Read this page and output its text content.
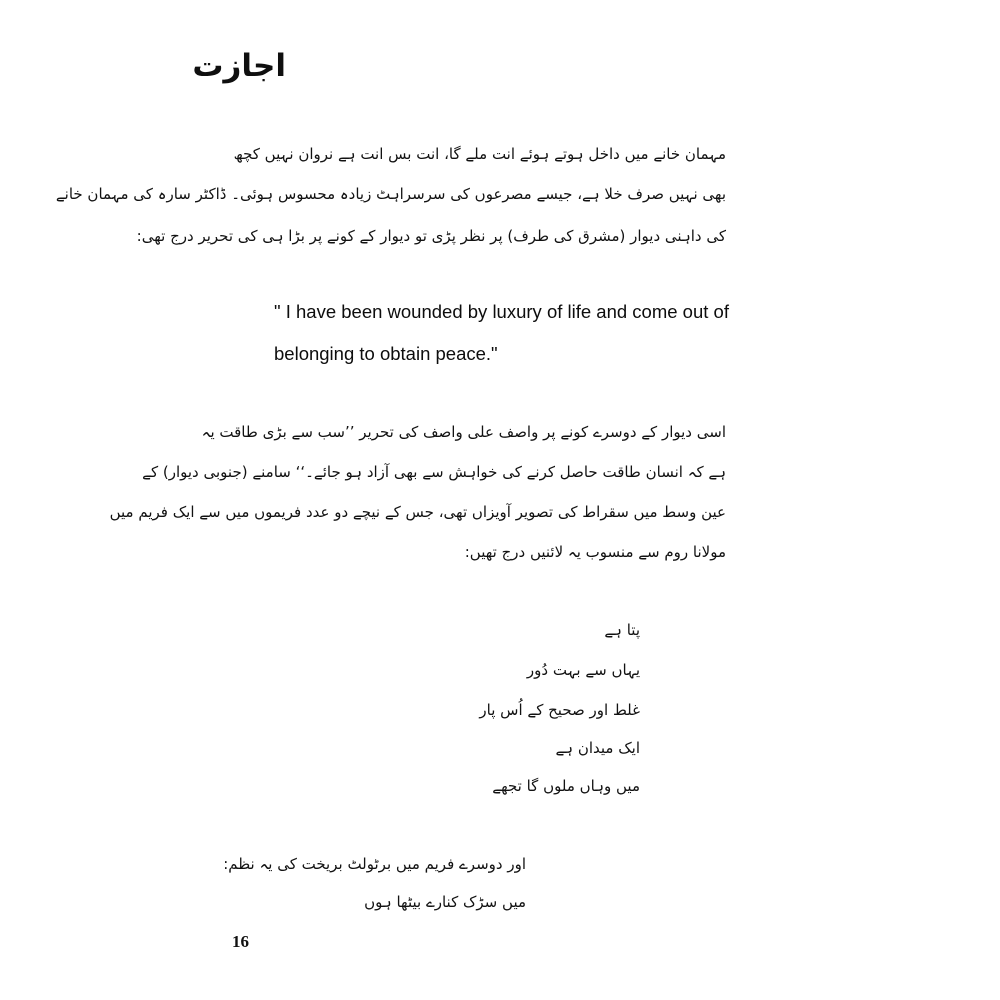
اجازت
مہمان خانے میں داخل ہوتے ہوئے انت ملے گا، انت بس انت ہے نروان نہیں کچھ
بھی نہیں صرف خلا ہے، جیسے مصرعوں کی سرسراہٹ زیادہ محسوس ہوئی۔ ڈاکٹر سارہ کی مہمان خانے
کی داہنی دیوار (مشرق کی طرف) پر نظر پڑی تو دیوار کے کونے پر بڑا ہی کی تحریر درج تھی:
" I have been wounded by luxury of life and come out of
belonging to obtain peace."
اسی دیوار کے دوسرے کونے پر واصف علی واصف کی تحریر ’’سب سے بڑی طاقت یہ
ہے کہ انسان طاقت حاصل کرنے کی خواہش سے بھی آزاد ہو جائے۔‘‘ سامنے (جنوبی دیوار) کے
عین وسط میں سقراط کی تصویر آویزاں تھی، جس کے نیچے دو عدد فریموں میں سے ایک فریم میں
مولانا روم سے منسوب یہ لائنیں درج تھیں:
پتا ہے
یہاں سے بہت دُور
غلط اور صحیح کے اُس پار
ایک میدان ہے
میں وہاں ملوں گا تجھے
اور دوسرے فریم میں برٹولٹ بریخت کی یہ نظم:
میں سڑک کنارے بیٹھا ہوں
16
